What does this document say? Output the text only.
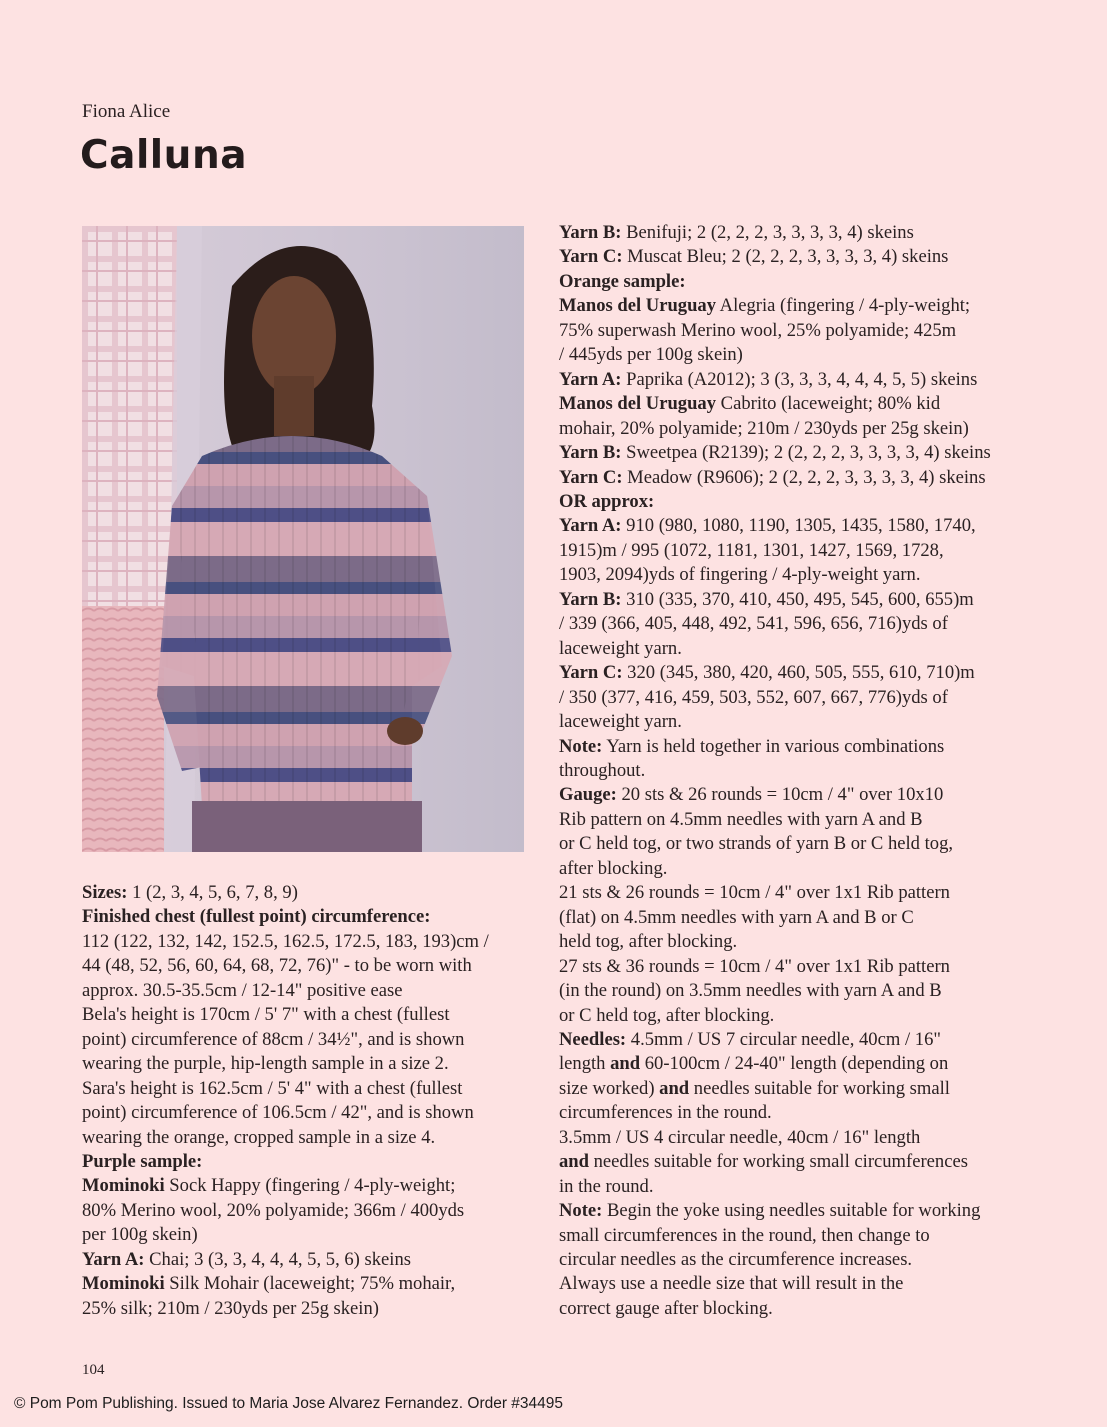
Fiona Alice
Calluna

Sizes: 1 (2, 3, 4, 5, 6, 7, 8, 9)

Finished chest (fullest point) circumference:

112 (122, 132, 142, 152.5, 162.5, 172.5, 183, 193)cm /

44 (48, 52, 56, 60, 64, 68, 72, 76)" - to be worn with

approx. 30.5-35.5cm / 12-14" positive ease

Bela's height is 170cm / 5' 7" with a chest (fullest

point) circumference of 88cm / 34½", and is shown

wearing the purple, hip-length sample in a size 2.

Sara's height is 162.5cm / 5' 4" with a chest (fullest

point) circumference of 106.5cm / 42", and is shown

wearing the orange, cropped sample in a size 4.

Purple sample:

Mominoki Sock Happy (fingering / 4-ply-weight;

80% Merino wool, 20% polyamide; 366m / 400yds

per 100g skein)

Yarn A: Chai; 3 (3, 3, 4, 4, 4, 5, 5, 6) skeins

Mominoki Silk Mohair (laceweight; 75% mohair,

25% silk; 210m / 230yds per 25g skein)

Yarn B: Benifuji; 2 (2, 2, 2, 3, 3, 3, 3, 4) skeins

Yarn C: Muscat Bleu; 2 (2, 2, 2, 3, 3, 3, 3, 4) skeins

Orange sample:

Manos del Uruguay Alegria (fingering / 4-ply-weight;

75% superwash Merino wool, 25% polyamide; 425m

/ 445yds per 100g skein)

Yarn A: Paprika (A2012); 3 (3, 3, 3, 4, 4, 4, 5, 5) skeins

Manos del Uruguay Cabrito (laceweight; 80% kid

mohair, 20% polyamide; 210m / 230yds per 25g skein)

Yarn B: Sweetpea (R2139); 2 (2, 2, 2, 3, 3, 3, 3, 4) skeins

Yarn C: Meadow (R9606); 2 (2, 2, 2, 3, 3, 3, 3, 4) skeins

OR approx:

Yarn A: 910 (980, 1080, 1190, 1305, 1435, 1580, 1740,

1915)m / 995 (1072, 1181, 1301, 1427, 1569, 1728,

1903, 2094)yds of fingering / 4-ply-weight yarn.

Yarn B: 310 (335, 370, 410, 450, 495, 545, 600, 655)m

/ 339 (366, 405, 448, 492, 541, 596, 656, 716)yds of

laceweight yarn.

Yarn C: 320 (345, 380, 420, 460, 505, 555, 610, 710)m

/ 350 (377, 416, 459, 503, 552, 607, 667, 776)yds of

laceweight yarn.

Note: Yarn is held together in various combinations

throughout.

Gauge: 20 sts & 26 rounds = 10cm / 4" over 10x10

Rib pattern on 4.5mm needles with yarn A and B

or C held tog, or two strands of yarn B or C held tog,

after blocking.

21 sts & 26 rounds = 10cm / 4" over 1x1 Rib pattern

(flat) on 4.5mm needles with yarn A and B or C

held tog, after blocking.

27 sts & 36 rounds = 10cm / 4" over 1x1 Rib pattern

(in the round) on 3.5mm needles with yarn A and B

or C held tog, after blocking.

Needles: 4.5mm / US 7 circular needle, 40cm / 16"

length and 60-100cm / 24-40" length (depending on

size worked) and needles suitable for working small

circumferences in the round.

3.5mm / US 4 circular needle, 40cm / 16" length

and needles suitable for working small circumferences

in the round.

Note: Begin the yoke using needles suitable for working

small circumferences in the round, then change to

circular needles as the circumference increases.

Always use a needle size that will result in the

correct gauge after blocking.

104
© Pom Pom Publishing. Issued to Maria Jose Alvarez Fernandez. Order #34495
